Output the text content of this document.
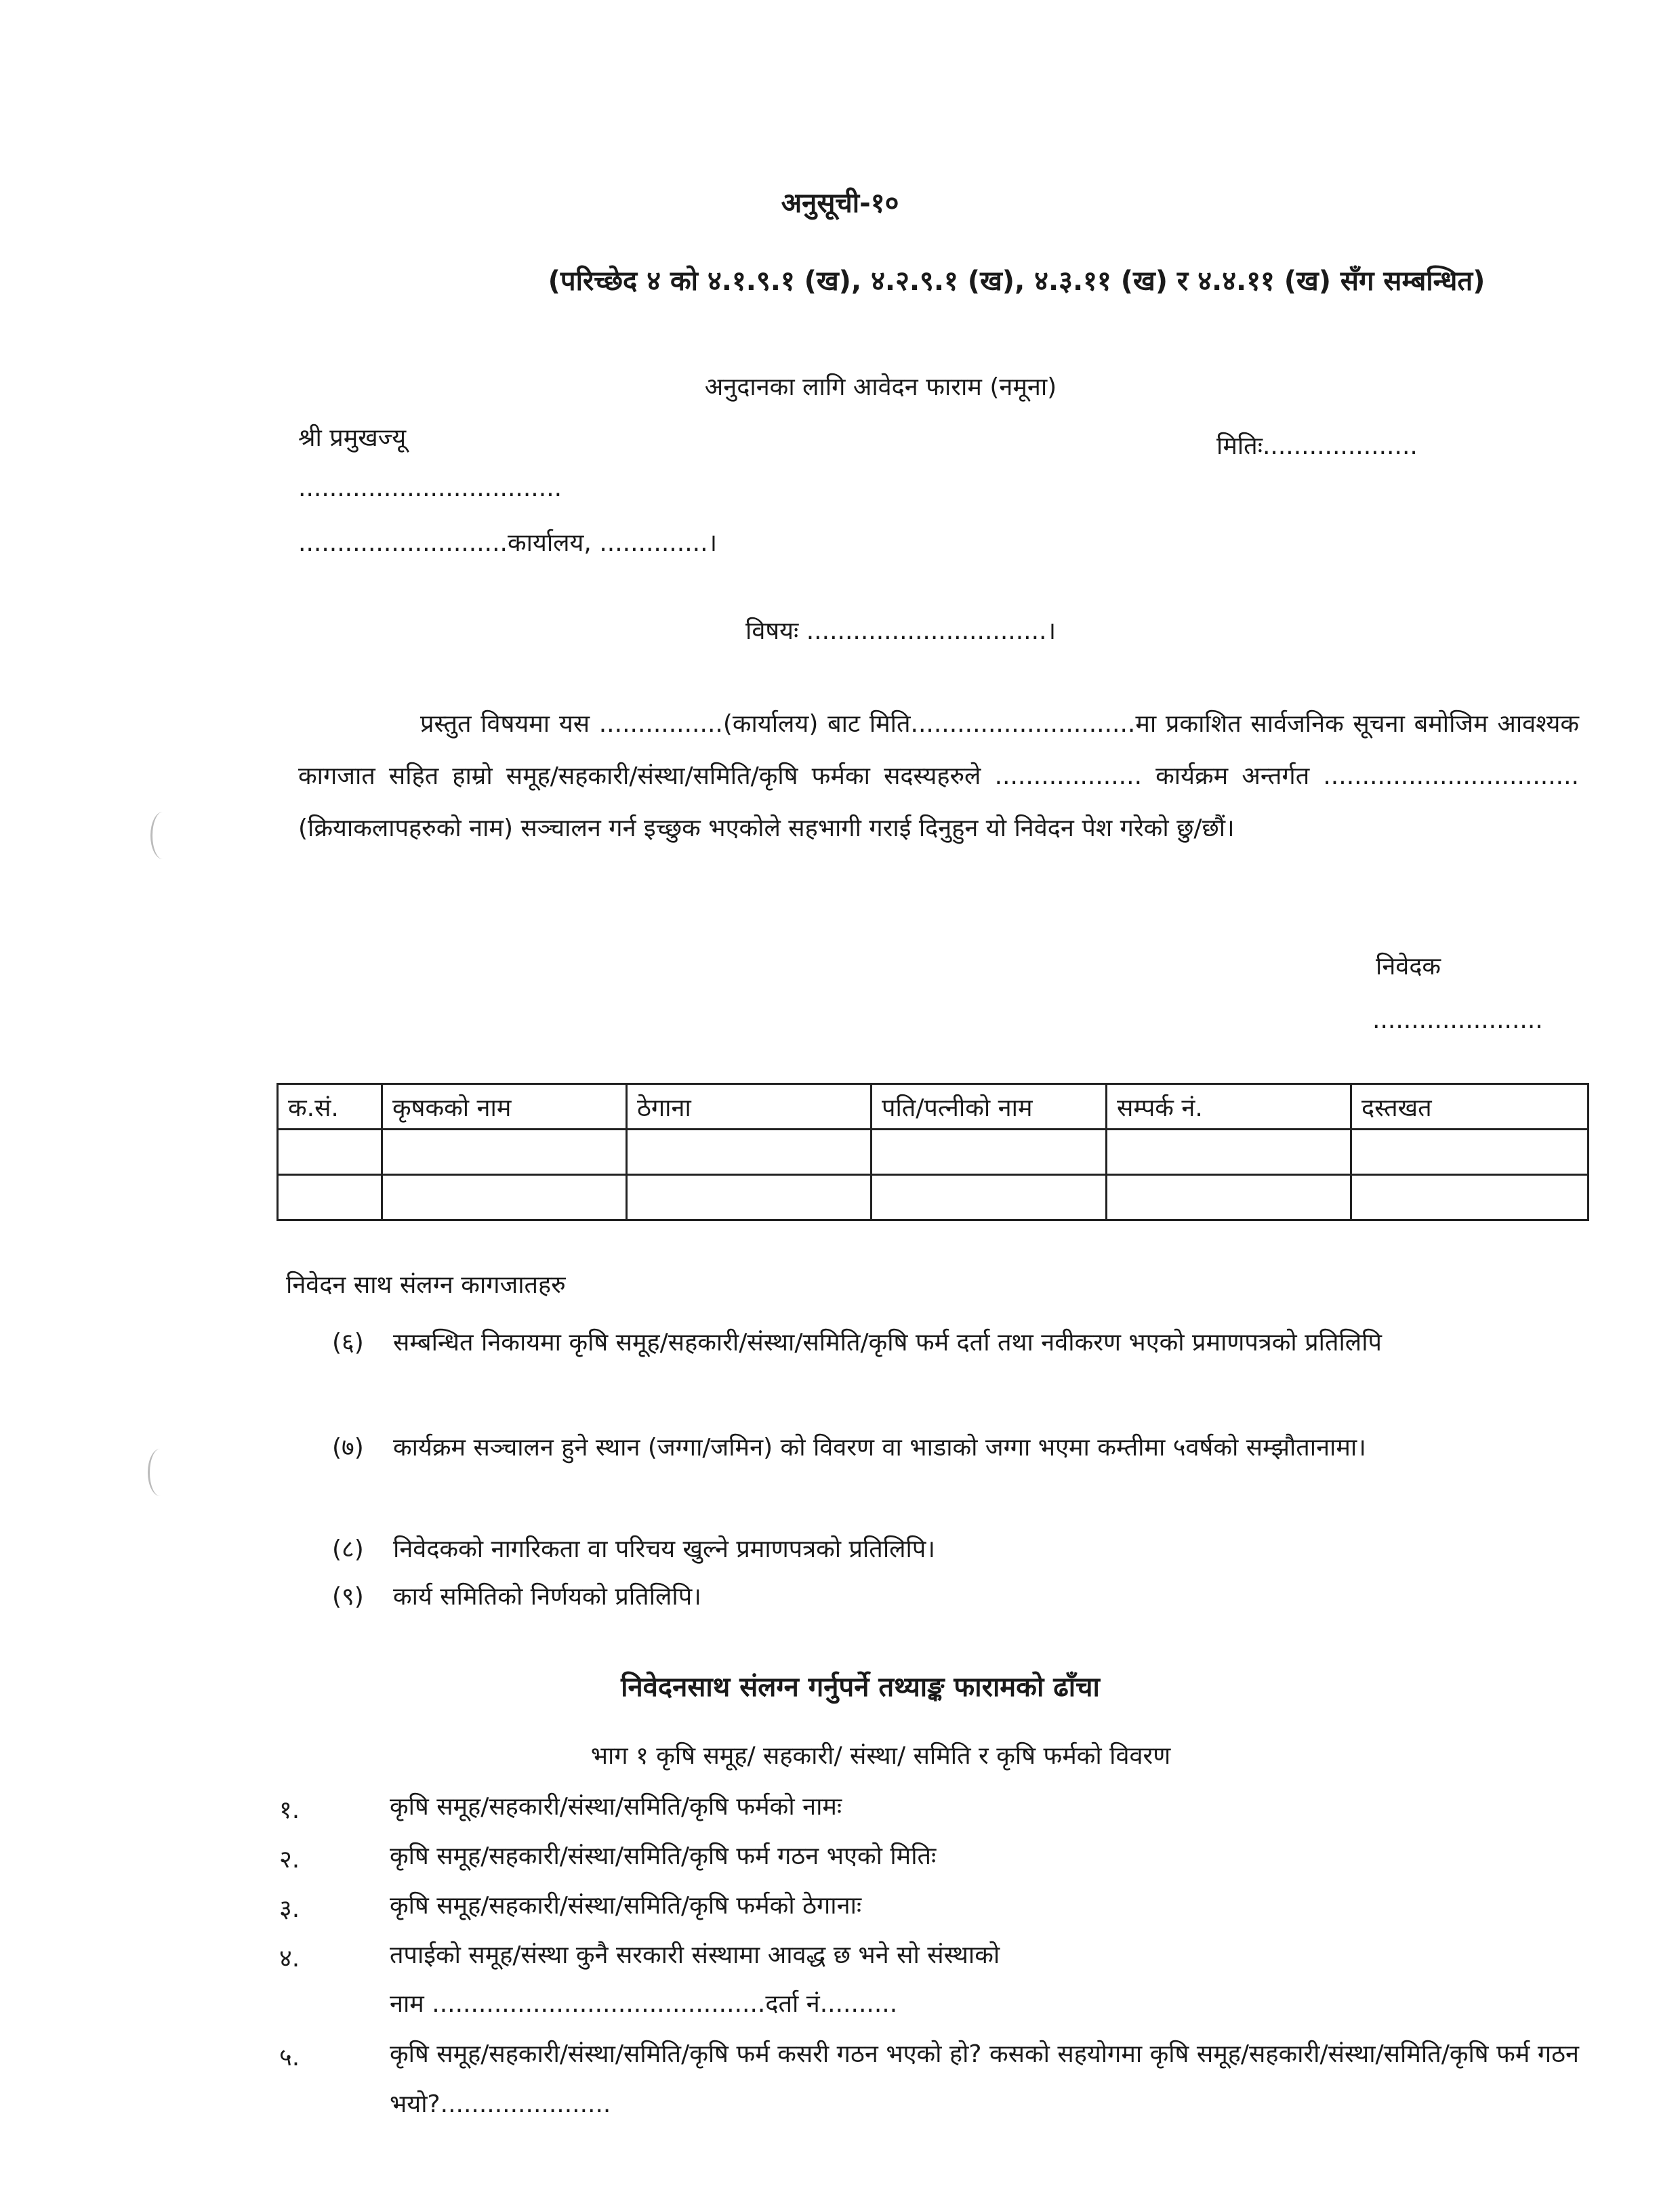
अनुसूची-१०
(परिच्छेद ४ को ४.१.९.१ (ख), ४.२.९.१ (ख), ४.३.११ (ख) र ४.४.११ (ख) सँग सम्बन्धित)
अनुदानका लागि आवेदन फाराम (नमूना)
श्री प्रमुखज्यू	मितिः....................
..................................
...........................कार्यालय, ..............।
विषयः ...............................।
प्रस्तुत विषयमा यस ................(कार्यालय) बाट मिति.............................मा प्रकाशित सार्वजनिक सूचना बमोजिम आवश्यक कागजात सहित हाम्रो समूह/सहकारी/संस्था/समिति/कृषि फर्मका सदस्यहरुले ................... कार्यक्रम अन्तर्गत ................................. (क्रियाकलापहरुको नाम) सञ्चालन गर्न इच्छुक भएकोले सहभागी गराई दिनुहुन यो निवेदन पेश गरेको छु/छौं।
निवेदक
......................
क.सं.	कृषकको नाम	ठेगाना	पति/पत्नीको नाम	सम्पर्क नं.	दस्तखत

निवेदन साथ संलग्न कागजातहरु
(६) सम्बन्धित निकायमा कृषि समूह/सहकारी/संस्था/समिति/कृषि फर्म दर्ता तथा नवीकरण भएको प्रमाणपत्रको प्रतिलिपि
(७) कार्यक्रम सञ्चालन हुने स्थान (जग्गा/जमिन) को विवरण वा भाडाको जग्गा भएमा कम्तीमा ५वर्षको सम्झौतानामा।
(८) निवेदकको नागरिकता वा परिचय खुल्ने प्रमाणपत्रको प्रतिलिपि।
(९) कार्य समितिको निर्णयको प्रतिलिपि।
निवेदनसाथ संलग्न गर्नुपर्ने तथ्याङ्क फारामको ढाँचा
भाग १ कृषि समूह/ सहकारी/ संस्था/ समिति र कृषि फर्मको विवरण
१.	कृषि समूह/सहकारी/संस्था/समिति/कृषि फर्मको नामः
२.	कृषि समूह/सहकारी/संस्था/समिति/कृषि फर्म गठन भएको मितिः
३.	कृषि समूह/सहकारी/संस्था/समिति/कृषि फर्मको ठेगानाः
४.	तपाईको समूह/संस्था कुनै सरकारी संस्थामा आवद्ध छ भने सो संस्थाको
नाम ...........................................दर्ता नं..........
५.	कृषि समूह/सहकारी/संस्था/समिति/कृषि फर्म कसरी गठन भएको हो? कसको सहयोगमा कृषि समूह/सहकारी/संस्था/समिति/कृषि फर्म गठन भयो?......................
